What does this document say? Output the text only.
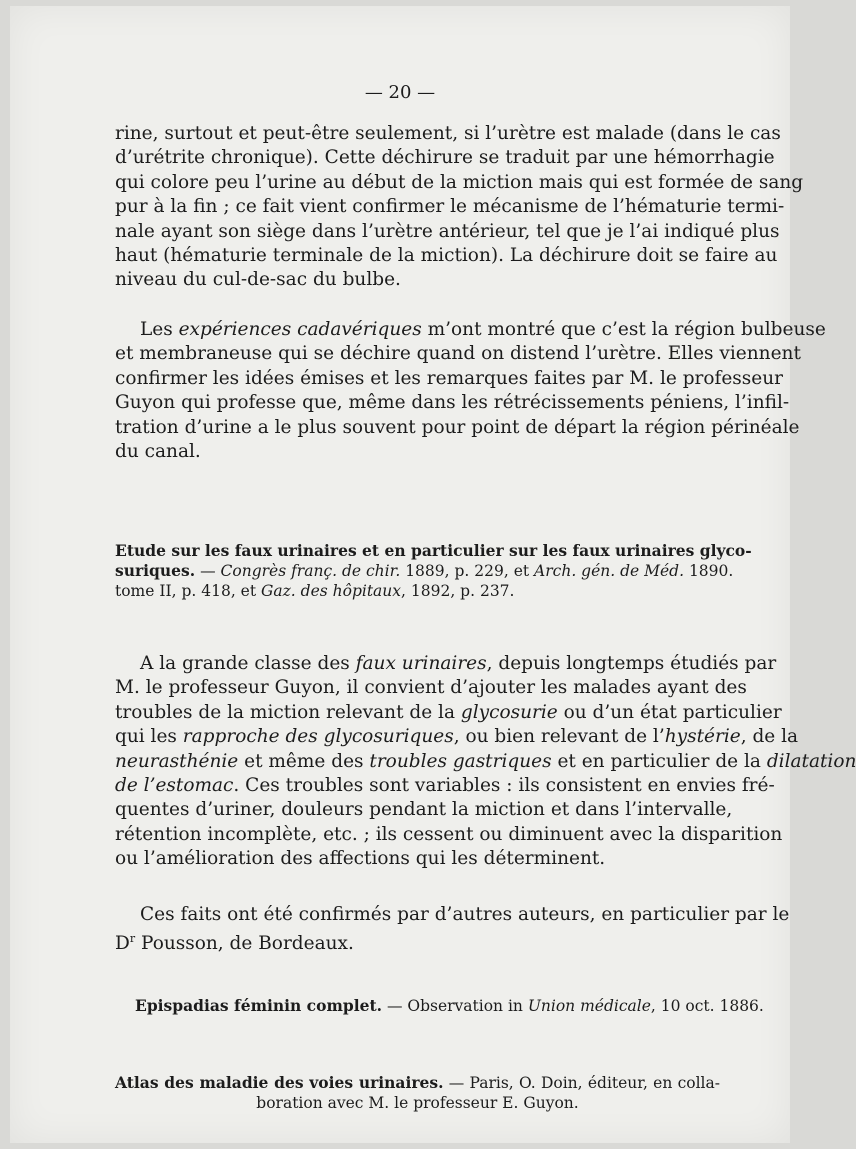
— 20 —

rine, surtout et peut-être seulement, si l’urètre est malade (dans le cas
d’urétrite chronique). Cette déchirure se traduit par une hémorrhagie
qui colore peu l’urine au début de la miction mais qui est formée de sang
pur à la fin ; ce fait vient confirmer le mécanisme de l’hématurie termi-
nale ayant son siège dans l’urètre antérieur, tel que je l’ai indiqué plus
haut (hématurie terminale de la miction). La déchirure doit se faire au
niveau du cul-de-sac du bulbe.

Les expériences cadavériques m’ont montré que c’est la région bulbeuse
et membraneuse qui se déchire quand on distend l’urètre. Elles viennent
confirmer les idées émises et les remarques faites par M. le professeur
Guyon qui professe que, même dans les rétrécissements péniens, l’infil-
tration d’urine a le plus souvent pour point de départ la région périnéale
du canal.

Etude sur les faux urinaires et en particulier sur les faux urinaires glyco-
suriques. — Congrès franç. de chir. 1889, p. 229, et Arch. gén. de Méd. 1890.
tome II, p. 418, et Gaz. des hôpitaux, 1892, p. 237.

A la grande classe des faux urinaires, depuis longtemps étudiés par
M. le professeur Guyon, il convient d’ajouter les malades ayant des
troubles de la miction relevant de la glycosurie ou d’un état particulier
qui les rapproche des glycosuriques, ou bien relevant de l’hystérie, de la
neurasthénie et même des troubles gastriques et en particulier de la dilatation
de l’estomac. Ces troubles sont variables : ils consistent en envies fré-
quentes d’uriner, douleurs pendant la miction et dans l’intervalle,
rétention incomplète, etc. ; ils cessent ou diminuent avec la disparition
ou l’amélioration des affections qui les déterminent.

Ces faits ont été confirmés par d’autres auteurs, en particulier par le
$D^r$ Pousson, de Bordeaux.

Epispadias féminin complet. — Observation in Union médicale, 10 oct. 1886.

Atlas des maladie des voies urinaires. — Paris, O. Doin, éditeur, en colla-
boration avec M. le professeur E. Guyon.
